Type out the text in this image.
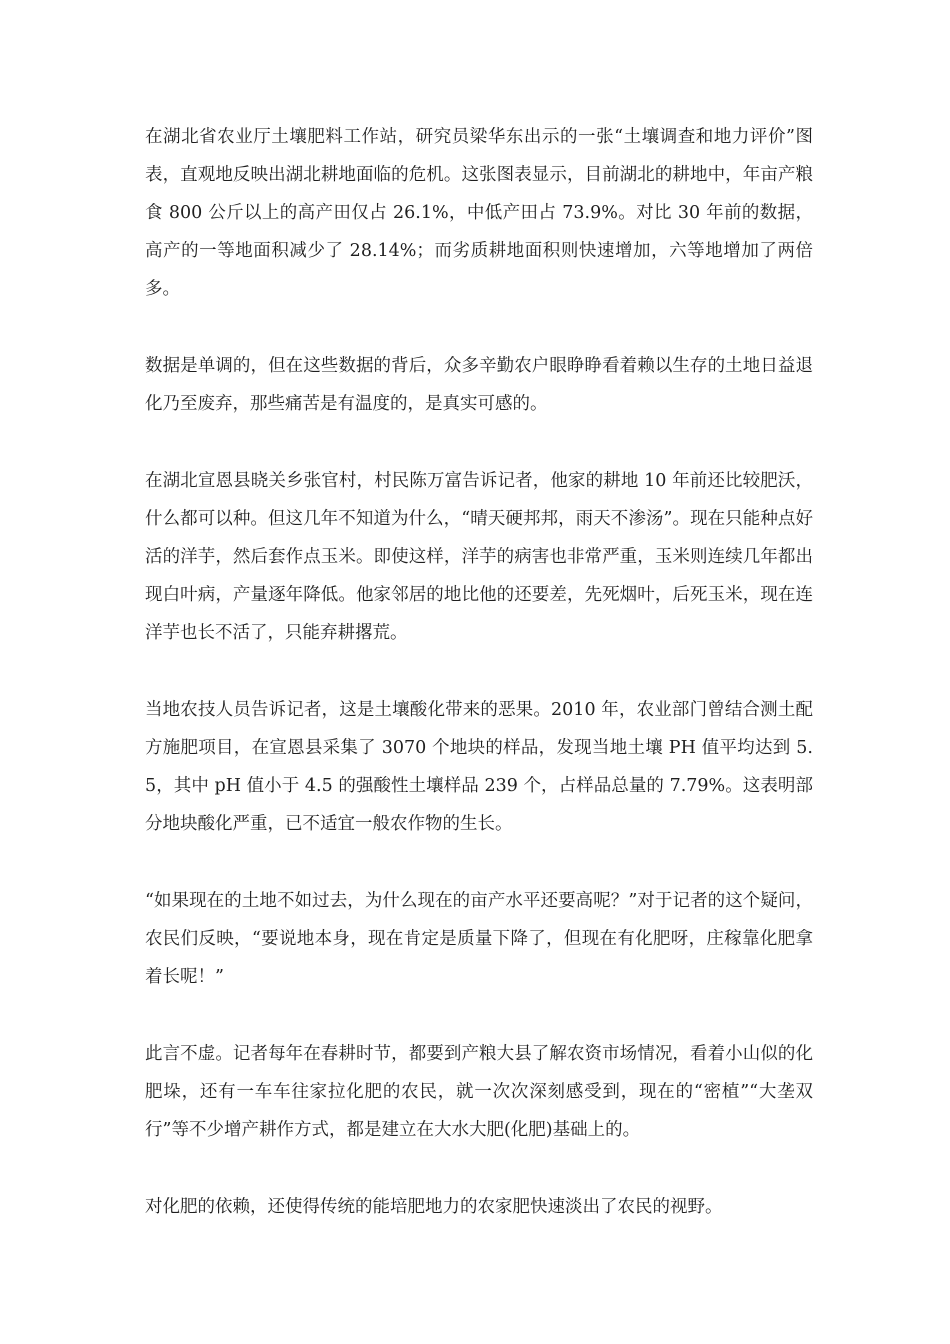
在湖北省农业厅土壤肥料工作站，研究员梁华东出示的一张“土壤调查和地力评价”图表，直观地反映出湖北耕地面临的危机。这张图表显示，目前湖北的耕地中，年亩产粮食 800 公斤以上的高产田仅占 26.1%，中低产田占 73.9%。对比 30 年前的数据，高产的一等地面积减少了 28.14%；而劣质耕地面积则快速增加，六等地增加了两倍多。

数据是单调的，但在这些数据的背后，众多辛勤农户眼睁睁看着赖以生存的土地日益退化乃至废弃，那些痛苦是有温度的，是真实可感的。

在湖北宣恩县晓关乡张官村，村民陈万富告诉记者，他家的耕地 10 年前还比较肥沃，什么都可以种。但这几年不知道为什么，“晴天硬邦邦，雨天不渗汤”。现在只能种点好活的洋芋，然后套作点玉米。即使这样，洋芋的病害也非常严重，玉米则连续几年都出现白叶病，产量逐年降低。他家邻居的地比他的还要差，先死烟叶，后死玉米，现在连洋芋也长不活了，只能弃耕撂荒。

当地农技人员告诉记者，这是土壤酸化带来的恶果。2010 年，农业部门曾结合测土配方施肥项目，在宣恩县采集了 3070 个地块的样品，发现当地土壤 PH 值平均达到 5.5，其中 pH 值小于 4.5 的强酸性土壤样品 239 个，占样品总量的 7.79%。这表明部分地块酸化严重，已不适宜一般农作物的生长。

“如果现在的土地不如过去，为什么现在的亩产水平还要高呢？”对于记者的这个疑问，农民们反映，“要说地本身，现在肯定是质量下降了，但现在有化肥呀，庄稼靠化肥拿着长呢！”

此言不虚。记者每年在春耕时节，都要到产粮大县了解农资市场情况，看着小山似的化肥垛，还有一车车往家拉化肥的农民，就一次次深刻感受到，现在的“密植”“大垄双行”等不少增产耕作方式，都是建立在大水大肥(化肥)基础上的。

对化肥的依赖，还使得传统的能培肥地力的农家肥快速淡出了农民的视野。
